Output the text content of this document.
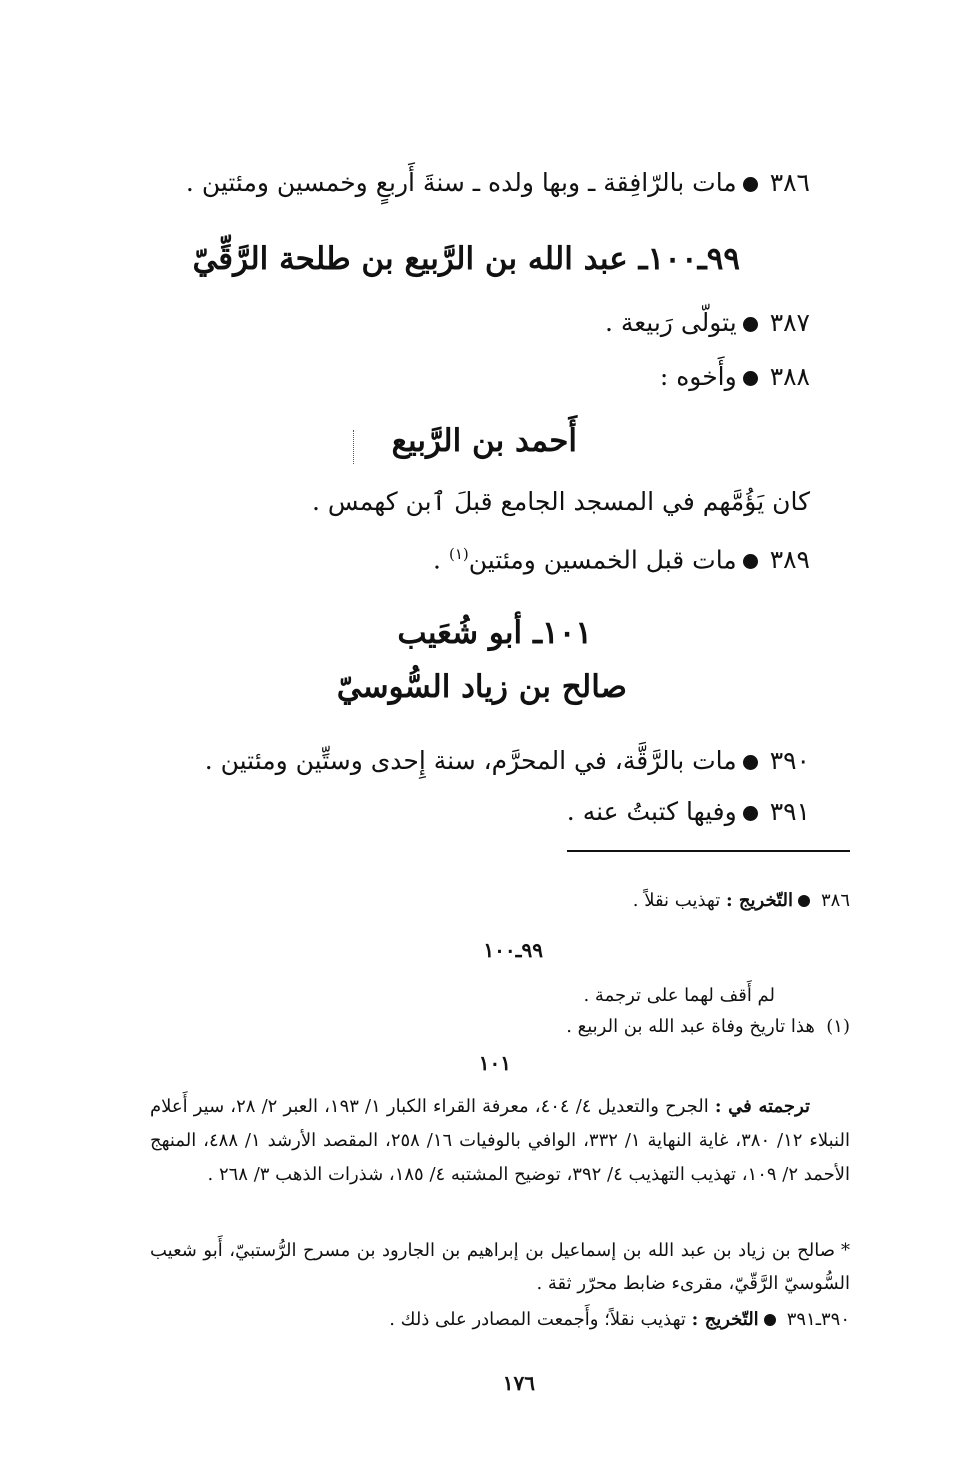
٣٨٦مات بالرّافِقة ـ وبها ولده ـ سنةَ أَربعٍ وخمسين ومئتين .
٩٩ـ١٠٠ـ عبد الله بن الرَّبيع بن طلحة الرَّقِّيّ
٣٨٧يتولّى رَبيعة .
٣٨٨وأَخوه :
أَحمد بن الرَّبيع
كان يَؤُمَّهم في المسجد الجامع قبلَ ٱبن كهمس .
٣٨٩مات قبل الخمسين ومئتين$^{(١)}$ .
١٠١ـ أبو شُعَيب
صالح بن زياد السُّوسيّ
٣٩٠مات بالرَّقَّة، في المحرَّم، سنة إِحدى وستِّين ومئتين .
٣٩١وفيها كتبتُ عنه .
٣٨٦التّخريج : تهذيب نقلاً .
٩٩ـ١٠٠
لم أَقف لهما على ترجمة .
(١)  هذا تاريخ وفاة عبد الله بن الربيع .
١٠١
ترجمته في : الجرح والتعديل ٤/ ٤٠٤، معرفة القراء الكبار ١/ ١٩٣، العبر ٢/ ٢٨، سير أَعلام النبلاء ١٢/ ٣٨٠، غاية النهاية ١/ ٣٣٢، الوافي بالوفيات ١٦/ ٢٥٨، المقصد الأرشد ١/ ٤٨٨، المنهج الأحمد ٢/ ١٠٩، تهذيب التهذيب ٤/ ٣٩٢، توضيح المشتبه ٤/ ١٨٥، شذرات الذهب ٣/ ٢٦٨ .
*صالح بن زياد بن عبد الله بن إسماعيل بن إبراهيم بن الجارود بن مسرح الرُّستبيّ، أَبو شعيب السُّوسيّ الرَّقّيّ، مقرىء ضابط محرّر ثقة .
٣٩٠ـ٣٩١التّخريج : تهذيب نقلاً؛ وأَجمعت المصادر على ذلك .
١٧٦
